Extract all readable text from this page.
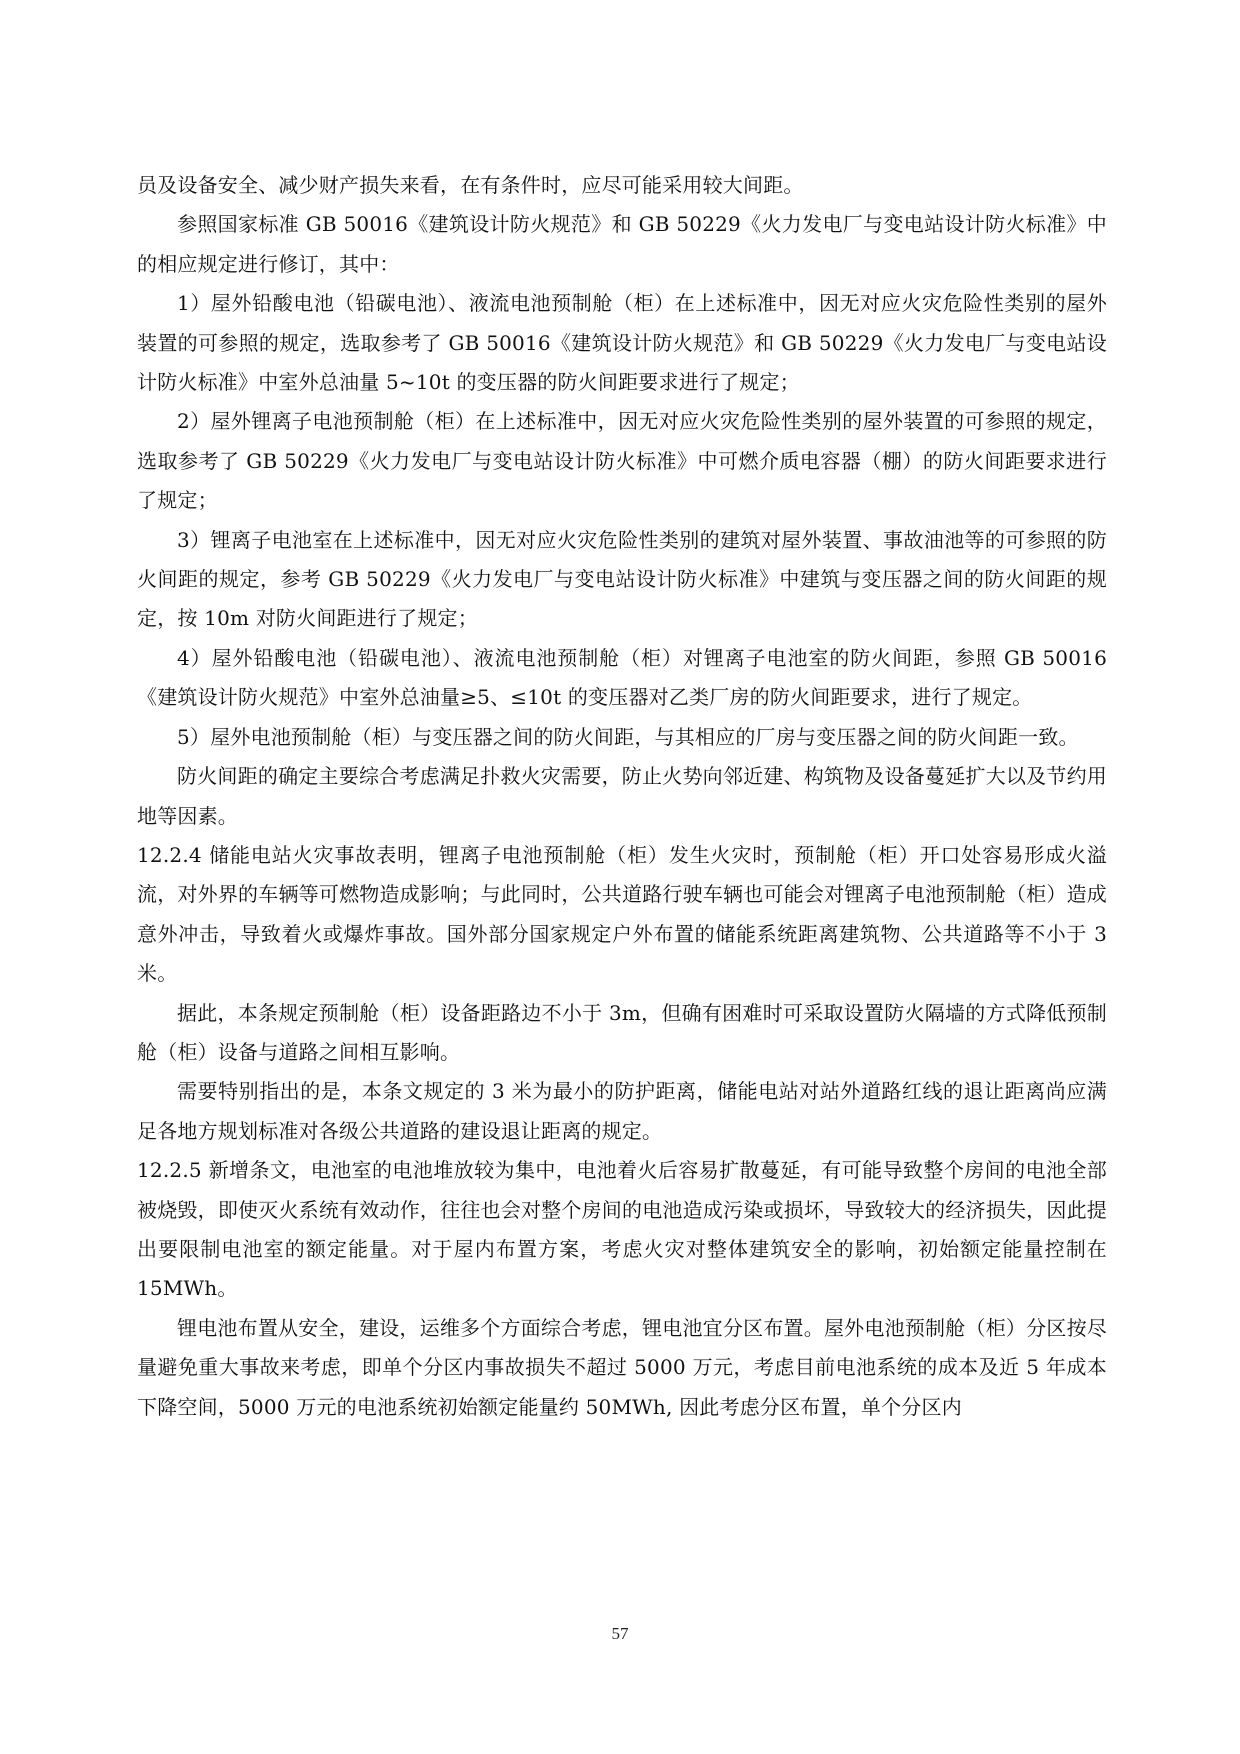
员及设备安全、减少财产损失来看，在有条件时，应尽可能采用较大间距。

参照国家标准 GB 50016《建筑设计防火规范》和 GB 50229《火力发电厂与变电站设计防火标准》中的相应规定进行修订，其中：

1）屋外铅酸电池（铅碳电池）、液流电池预制舱（柜）在上述标准中，因无对应火灾危险性类别的屋外装置的可参照的规定，选取参考了 GB 50016《建筑设计防火规范》和 GB 50229《火力发电厂与变电站设计防火标准》中室外总油量 5~10t 的变压器的防火间距要求进行了规定；

2）屋外锂离子电池预制舱（柜）在上述标准中，因无对应火灾危险性类别的屋外装置的可参照的规定，选取参考了 GB 50229《火力发电厂与变电站设计防火标准》中可燃介质电容器（棚）的防火间距要求进行了规定；

3）锂离子电池室在上述标准中，因无对应火灾危险性类别的建筑对屋外装置、事故油池等的可参照的防火间距的规定，参考 GB 50229《火力发电厂与变电站设计防火标准》中建筑与变压器之间的防火间距的规定，按 10m 对防火间距进行了规定；

4）屋外铅酸电池（铅碳电池）、液流电池预制舱（柜）对锂离子电池室的防火间距，参照 GB 50016《建筑设计防火规范》中室外总油量≥5、≤10t 的变压器对乙类厂房的防火间距要求，进行了规定。

5）屋外电池预制舱（柜）与变压器之间的防火间距，与其相应的厂房与变压器之间的防火间距一致。

防火间距的确定主要综合考虑满足扑救火灾需要，防止火势向邻近建、构筑物及设备蔓延扩大以及节约用地等因素。

12.2.4 储能电站火灾事故表明，锂离子电池预制舱（柜）发生火灾时，预制舱（柜）开口处容易形成火溢流，对外界的车辆等可燃物造成影响；与此同时，公共道路行驶车辆也可能会对锂离子电池预制舱（柜）造成意外冲击，导致着火或爆炸事故。国外部分国家规定户外布置的储能系统距离建筑物、公共道路等不小于 3 米。

据此，本条规定预制舱（柜）设备距路边不小于 3m，但确有困难时可采取设置防火隔墙的方式降低预制舱（柜）设备与道路之间相互影响。

需要特别指出的是，本条文规定的 3 米为最小的防护距离，储能电站对站外道路红线的退让距离尚应满足各地方规划标准对各级公共道路的建设退让距离的规定。

12.2.5 新增条文，电池室的电池堆放较为集中，电池着火后容易扩散蔓延，有可能导致整个房间的电池全部被烧毁，即使灭火系统有效动作，往往也会对整个房间的电池造成污染或损坏，导致较大的经济损失，因此提出要限制电池室的额定能量。对于屋内布置方案，考虑火灾对整体建筑安全的影响，初始额定能量控制在 15MWh。

锂电池布置从安全，建设，运维多个方面综合考虑，锂电池宜分区布置。屋外电池预制舱（柜）分区按尽量避免重大事故来考虑，即单个分区内事故损失不超过 5000 万元，考虑目前电池系统的成本及近 5 年成本下降空间，5000 万元的电池系统初始额定能量约 50MWh, 因此考虑分区布置，单个分区内

57
